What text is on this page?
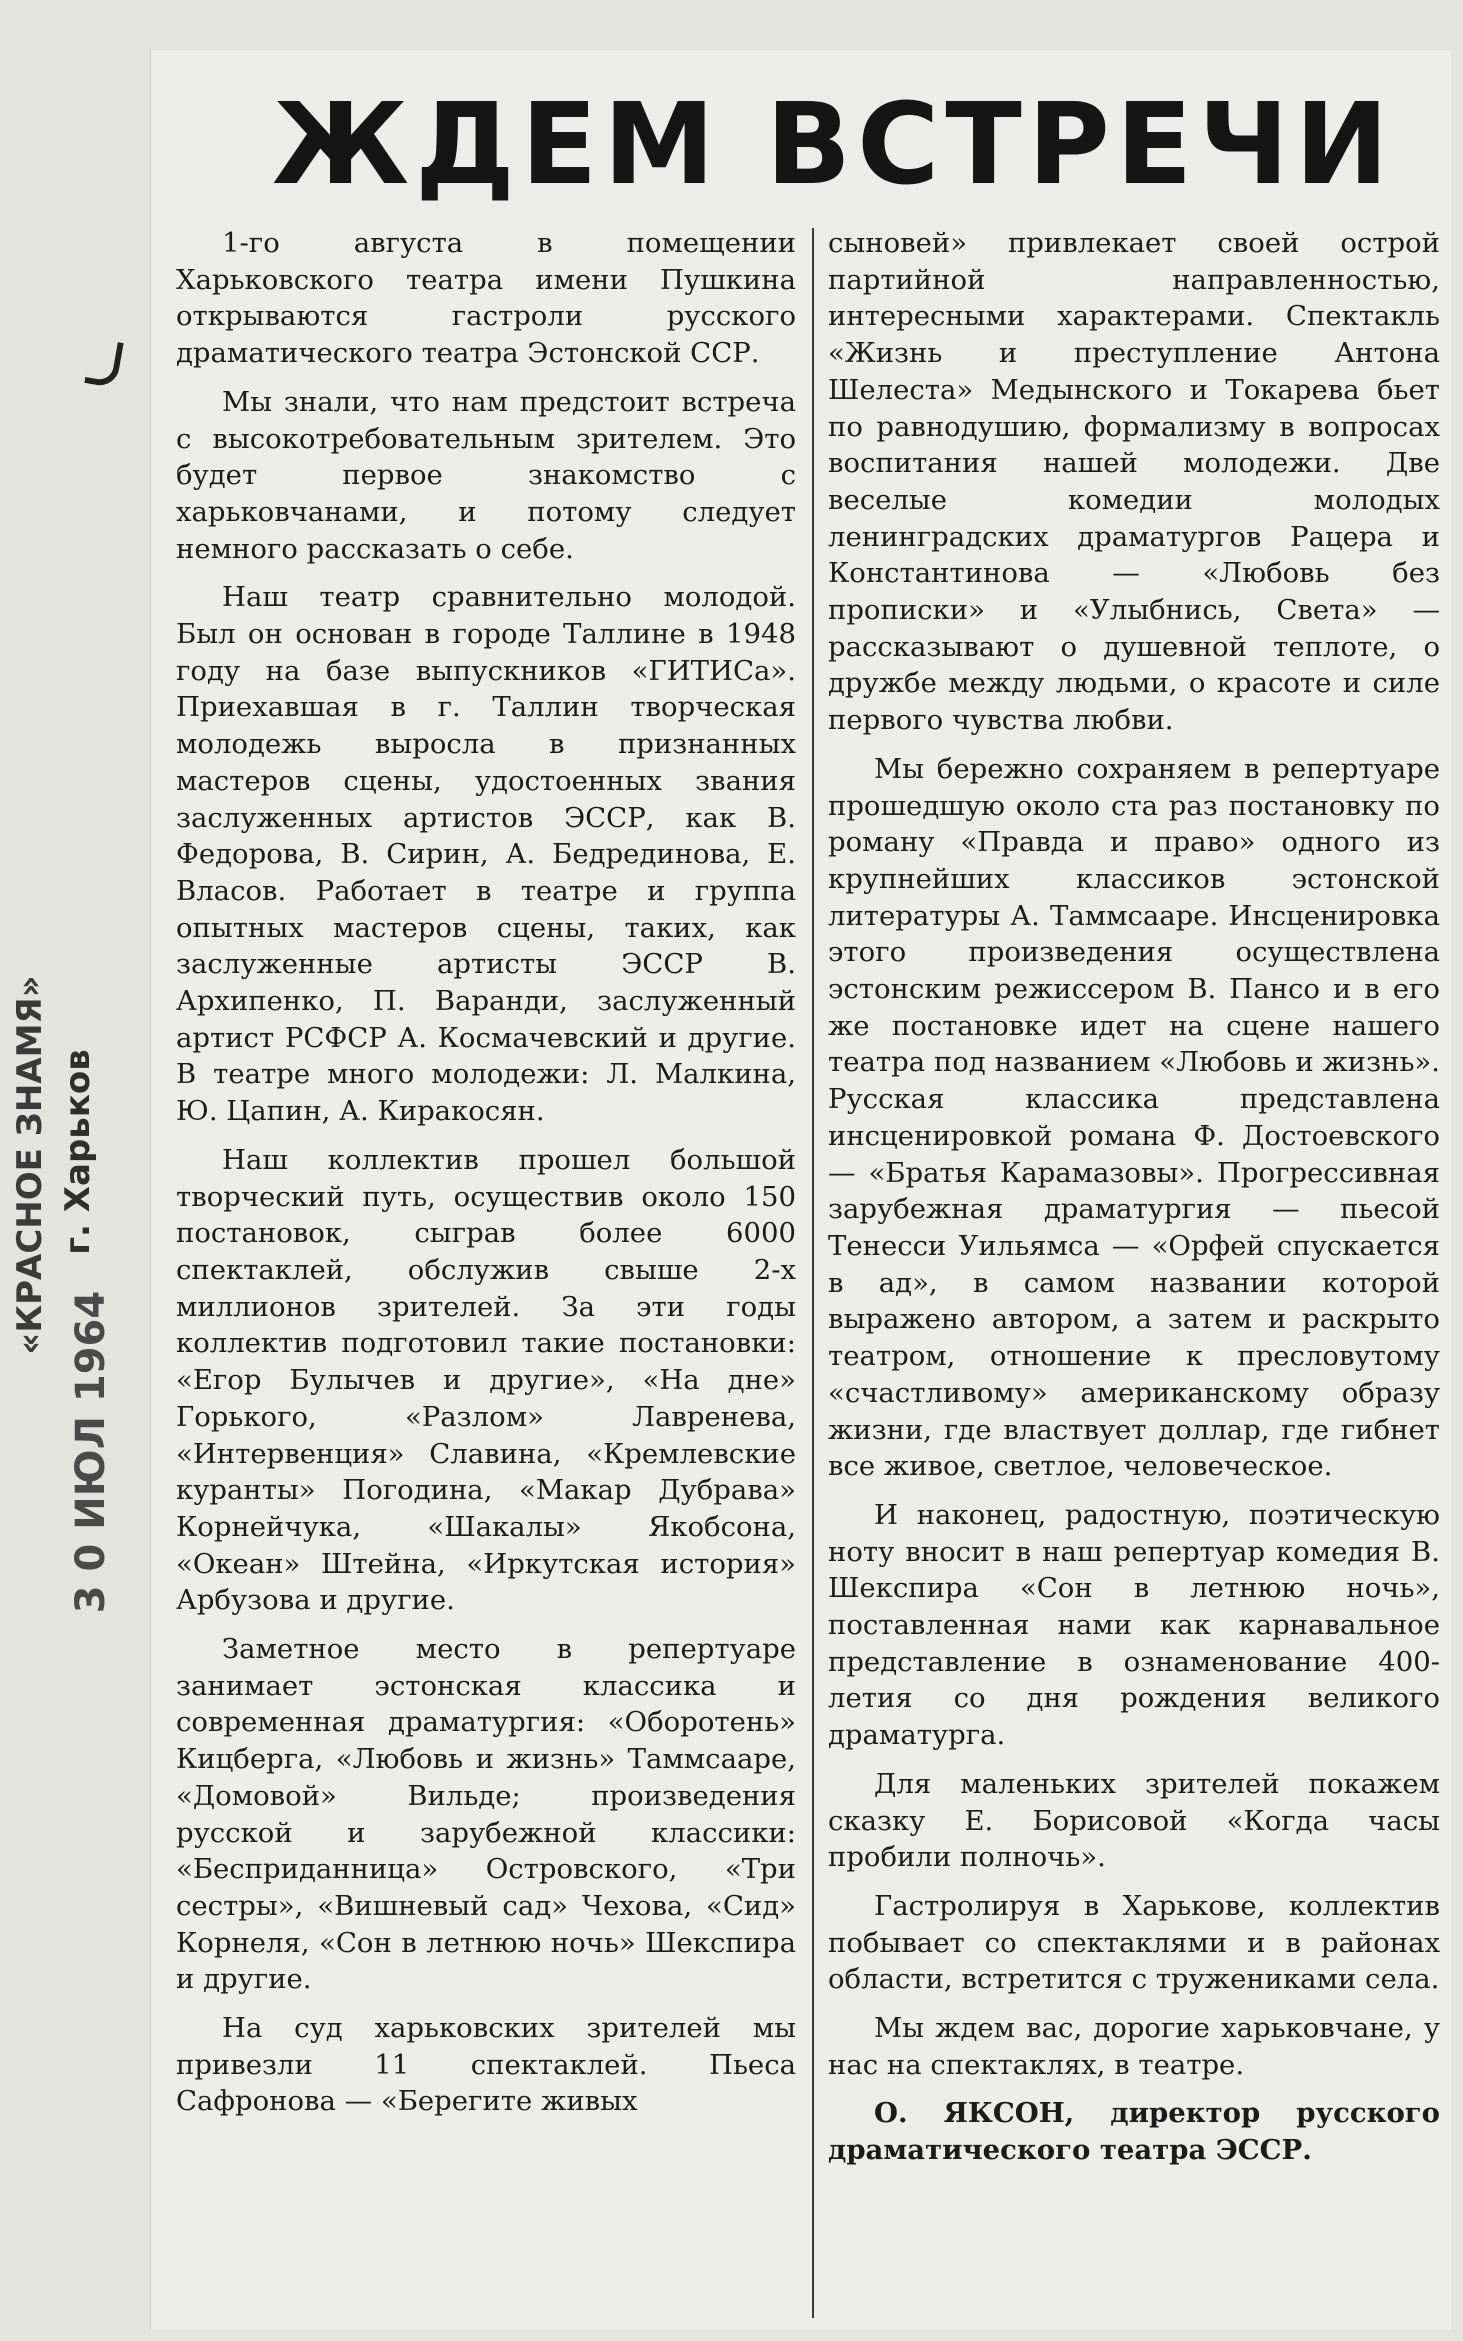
«КРАСНОЕ ЗНАМЯ» г. Харьков
3 0 ИЮЛ 1964
ЖДЕМ ВСТРЕЧИ

1-го августа в помещении Харьковского театра имени Пушкина открываются гастроли русского драматического театра Эстонской ССР.

Мы знали, что нам предстоит встреча с высокотребовательным зрителем. Это будет первое знакомство с харьковчанами, и потому следует немного рассказать о себе.

Наш театр сравнительно молодой. Был он основан в городе Таллине в 1948 году на базе выпускников «ГИТИСа». Приехавшая в г. Таллин творческая молодежь выросла в признанных мастеров сцены, удостоенных звания заслуженных артистов ЭССР, как В. Федорова, В. Сирин, А. Бедрединова, Е. Власов. Работает в театре и группа опытных мастеров сцены, таких, как заслуженные артисты ЭССР В. Архипенко, П. Варанди, заслуженный артист РСФСР А. Космачевский и другие. В театре много молодежи: Л. Малкина, Ю. Цапин, А. Киракосян.

Наш коллектив прошел большой творческий путь, осуществив около 150 постановок, сыграв более 6000 спектаклей, обслужив свыше 2-х миллионов зрителей. За эти годы коллектив подготовил такие постановки: «Егор Булычев и другие», «На дне» Горького, «Разлом» Лавренева, «Интервенция» Славина, «Кремлевские куранты» Погодина, «Макар Дубрава» Корнейчука, «Шакалы» Якобсона, «Океан» Штейна, «Иркутская история» Арбузова и другие.

Заметное место в репертуаре занимает эстонская классика и современная драматургия: «Оборотень» Кицберга, «Любовь и жизнь» Таммсааре, «Домовой» Вильде; произведения русской и зарубежной классики: «Бесприданница» Островского, «Три сестры», «Вишневый сад» Чехова, «Сид» Корнеля, «Сон в летнюю ночь» Шекспира и другие.

На суд харьковских зрителей мы привезли 11 спектаклей. Пьеса Сафронова — «Берегите живых

сыновей» привлекает своей острой партийной направленностью, интересными характерами. Спектакль «Жизнь и преступление Антона Шелеста» Медынского и Токарева бьет по равнодушию, формализму в вопросах воспитания нашей молодежи. Две веселые комедии молодых ленинградских драматургов Рацера и Константинова — «Любовь без прописки» и «Улыбнись, Света» — рассказывают о душевной теплоте, о дружбе между людьми, о красоте и силе первого чувства любви.

Мы бережно сохраняем в репертуаре прошедшую около ста раз постановку по роману «Правда и право» одного из крупнейших классиков эстонской литературы А. Таммсааре. Инсценировка этого произведения осуществлена эстонским режиссером В. Пансо и в его же постановке идет на сцене нашего театра под названием «Любовь и жизнь». Русская классика представлена инсценировкой романа Ф. Достоевского — «Братья Карамазовы». Прогрессивная зарубежная драматургия — пьесой Тенесси Уильямса — «Орфей спускается в ад», в самом названии которой выражено автором, а затем и раскрыто театром, отношение к пресловутому «счастливому» американскому образу жизни, где властвует доллар, где гибнет все живое, светлое, человеческое.

И наконец, радостную, поэтическую ноту вносит в наш репертуар комедия В. Шекспира «Сон в летнюю ночь», поставленная нами как карнавальное представление в ознаменование 400-летия со дня рождения великого драматурга.

Для маленьких зрителей покажем сказку Е. Борисовой «Когда часы пробили полночь».

Гастролируя в Харькове, коллектив побывает со спектаклями и в районах области, встретится с тружениками села.

Мы ждем вас, дорогие харьковчане, у нас на спектаклях, в театре.

О. ЯКСОН, директор русского драматического театра ЭССР.
